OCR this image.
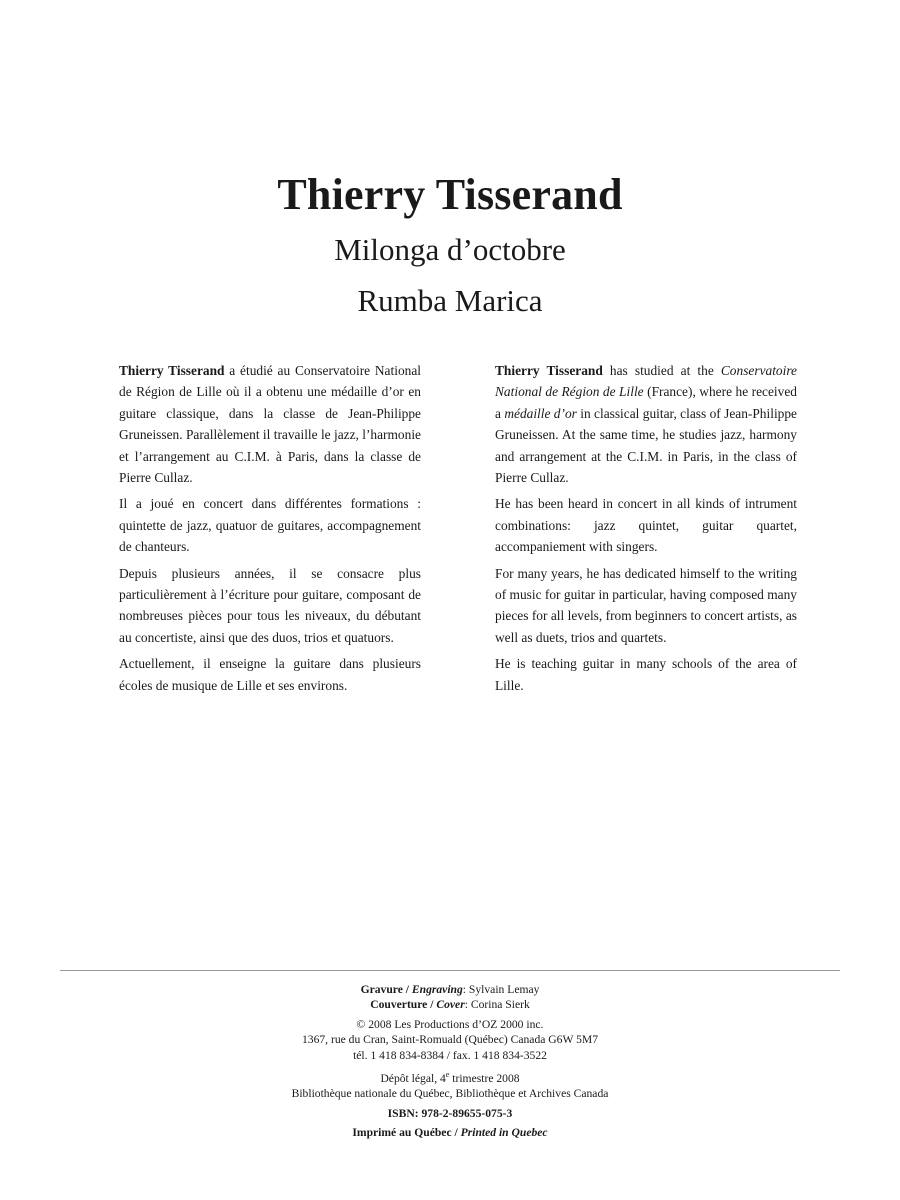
Thierry Tisserand
Milonga d’octobre
Rumba Marica

Thierry Tisserand a étudié au Conservatoire National de Région de Lille où il a obtenu une médaille d’or en guitare classique, dans la classe de Jean-Philippe Gruneissen. Parallèlement il travaille le jazz, l’harmonie et l’arrangement au C.I.M. à Paris, dans la classe de Pierre Cullaz.

Il a joué en concert dans différentes formations : quintette de jazz, quatuor de guitares, accompagnement de chanteurs.

Depuis plusieurs années, il se consacre plus particulièrement à l’écriture pour guitare, composant de nombreuses pièces pour tous les niveaux, du débutant au concertiste, ainsi que des duos, trios et quatuors.

Actuellement, il enseigne la guitare dans plusieurs écoles de musique de Lille et ses environs.

Thierry Tisserand has studied at the Conservatoire National de Région de Lille (France), where he received a médaille d’or in classical guitar, class of Jean-Philippe Gruneissen. At the same time, he studies jazz, harmony and arrangement at the C.I.M. in Paris, in the class of Pierre Cullaz.

He has been heard in concert in all kinds of intrument combinations: jazz quintet, guitar quartet, accompaniement with singers.

For many years, he has dedicated himself to the writing of music for guitar in particular, having composed many pieces for all levels, from beginners to concert artists, as well as duets, trios and quartets.

He is teaching guitar in many schools of the area of Lille.

Gravure / Engraving: Sylvain Lemay
Couverture / Cover: Corina Sierk
© 2008 Les Productions d’OZ 2000 inc.
1367, rue du Cran, Saint-Romuald (Québec) Canada G6W 5M7
tél. 1 418 834-8384 / fax. 1 418 834-3522
Dépôt légal, 4e trimestre 2008
Bibliothèque nationale du Québec, Bibliothèque et Archives Canada
ISBN: 978-2-89655-075-3
Imprimé au Québec / Printed in Quebec
